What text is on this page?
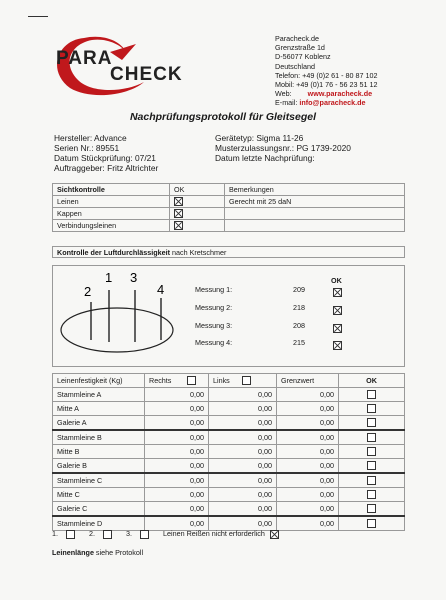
PARA
CHECK
Paracheck.de
Grenzstraße 1d
D-56077 Koblenz
Deutschland
Telefon: +49 (0)2 61 - 80 87 102
Mobil: +49 (0)1 76 - 56 23 51 12
Web: www.paracheck.de
E-mail: info@paracheck.de
Nachprüfungsprotokoll für Gleitsegel
Hersteller: Advance
Serien Nr.: 89551
Datum Stückprüfung: 07/21
Auftraggeber: Fritz Altrichter
Gerätetyp: Sigma 11-26
Musterzulassungsnr.: PG 1739-2020
Datum letzte Nachprüfung:
Sichtkontrolle	OK	Bemerkungen
Leinen		Gerecht mit 25 daN
Kappen		
Verbindungsleinen		
Kontrolle der Luftdurchlässigkeit nach Kretschmer
1 3
2	4
OK
Messung 1:	209
Messung 2:	218
Messung 3:	208
Messung 4:	215
Leinenfestigkeit (Kg)	Rechts	Links	Grenzwert	OK
Stammleine A	0,00	0,00	0,00	
Mitte A	0,00	0,00	0,00	
Galerie A	0,00	0,00	0,00	
Stammleine B	0,00	0,00	0,00	
Mitte B	0,00	0,00	0,00	
Galerie B	0,00	0,00	0,00	
Stammleine C	0,00	0,00	0,00	
Mitte C	0,00	0,00	0,00	
Galerie C	0,00	0,00	0,00	
Stammleine D	0,00	0,00	0,00	
1.	2.	3.	Leinen Reißen nicht erforderlich
Leinenlänge siehe Protokoll
